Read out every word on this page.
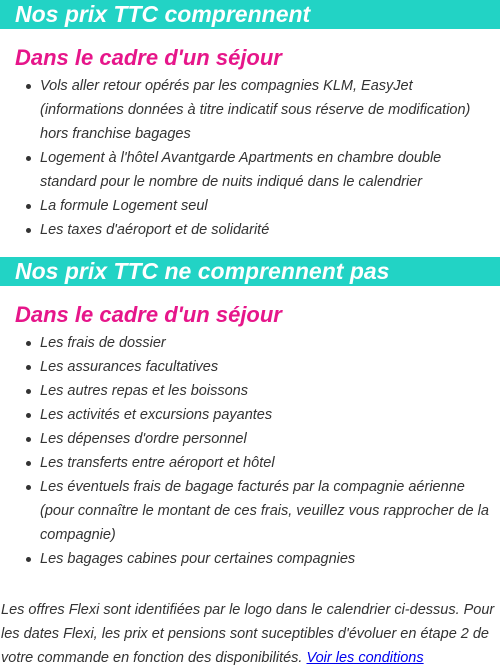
Nos prix TTC comprennent
Dans le cadre d'un séjour
Vols aller retour opérés par les compagnies KLM, EasyJet (informations données à titre indicatif sous réserve de modification) hors franchise bagages
Logement à l'hôtel Avantgarde Apartments en chambre double standard pour le nombre de nuits indiqué dans le calendrier
La formule Logement seul
Les taxes d'aéroport et de solidarité
Nos prix TTC ne comprennent pas
Dans le cadre d'un séjour
Les frais de dossier
Les assurances facultatives
Les autres repas et les boissons
Les activités et excursions payantes
Les dépenses d'ordre personnel
Les transferts entre aéroport et hôtel
Les éventuels frais de bagage facturés par la compagnie aérienne (pour connaître le montant de ces frais, veuillez vous rapprocher de la compagnie)
Les bagages cabines pour certaines compagnies

Les offres Flexi sont identifiées par le logo dans le calendrier ci-dessus. Pour les dates Flexi, les prix et pensions sont suceptibles d'évoluer en étape 2 de votre commande en fonction des disponibilités. Voir les conditions
